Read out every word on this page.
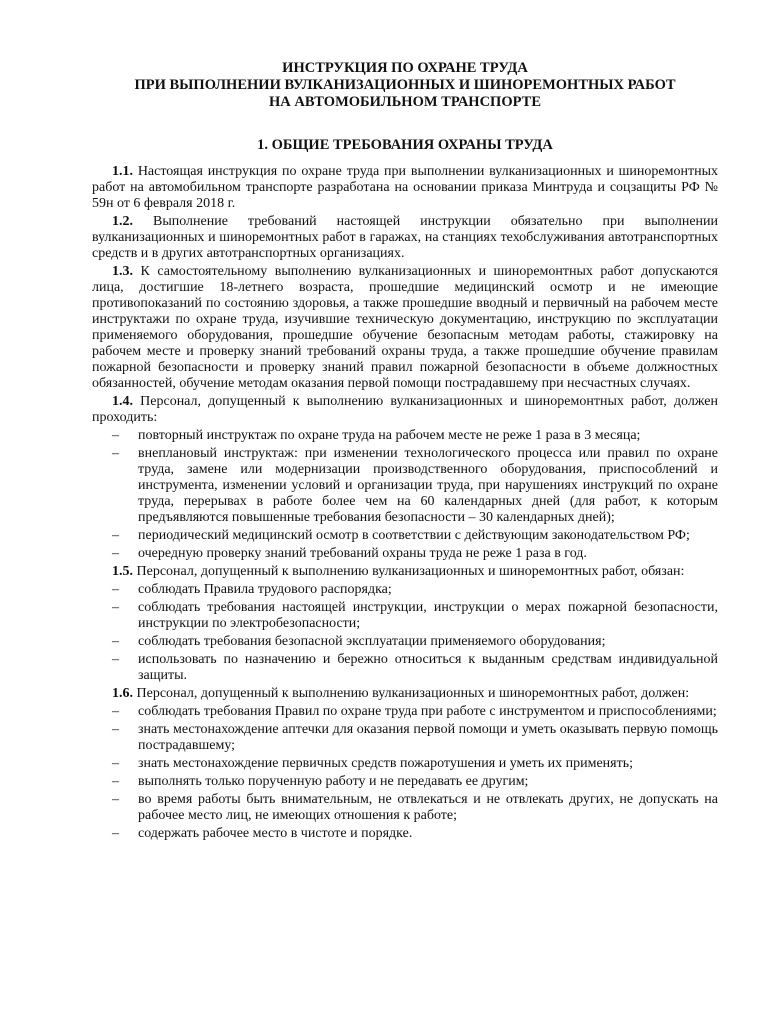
ИНСТРУКЦИЯ ПО ОХРАНЕ ТРУДА
ПРИ ВЫПОЛНЕНИИ ВУЛКАНИЗАЦИОННЫХ И ШИНОРЕМОНТНЫХ РАБОТ
НА АВТОМОБИЛЬНОМ ТРАНСПОРТЕ
1. ОБЩИЕ ТРЕБОВАНИЯ ОХРАНЫ ТРУДА

1.1. Настоящая инструкция по охране труда при выполнении вулканизационных и шиноремонтных работ на автомобильном транспорте разработана на основании приказа Минтруда и соцзащиты РФ № 59н от 6 февраля 2018 г.

1.2. Выполнение требований настоящей инструкции обязательно при выполнении вулканизационных и шиноремонтных работ в гаражах, на станциях техобслуживания автотранспортных средств и в других автотранспортных организациях.

1.3. К самостоятельному выполнению вулканизационных и шиноремонтных работ допускаются лица, достигшие 18-летнего возраста, прошедшие медицинский осмотр и не имеющие противопоказаний по состоянию здоровья, а также прошедшие вводный и первичный на рабочем месте инструктажи по охране труда, изучившие техническую документацию, инструкцию по эксплуатации применяемого оборудования, прошедшие обучение безопасным методам работы, стажировку на рабочем месте и проверку знаний требований охраны труда, а также прошедшие обучение правилам пожарной безопасности и проверку знаний правил пожарной безопасности в объеме должностных обязанностей, обучение методам оказания первой помощи пострадавшему при несчастных случаях.

1.4. Персонал, допущенный к выполнению вулканизационных и шиноремонтных работ, должен проходить:

– повторный инструктаж по охране труда на рабочем месте не реже 1 раза в 3 месяца;
– внеплановый инструктаж: при изменении технологического процесса или правил по охране труда, замене или модернизации производственного оборудования, приспособлений и инструмента, изменении условий и организации труда, при нарушениях инструкций по охране труда, перерывах в работе более чем на 60 календарных дней (для работ, к которым предъявляются повышенные требования безопасности – 30 календарных дней);
– периодический медицинский осмотр в соответствии с действующим законодательством РФ;
– очередную проверку знаний требований охраны труда не реже 1 раза в год.

1.5. Персонал, допущенный к выполнению вулканизационных и шиноремонтных работ, обязан:

– соблюдать Правила трудового распорядка;
– соблюдать требования настоящей инструкции, инструкции о мерах пожарной безопасности, инструкции по электробезопасности;
– соблюдать требования безопасной эксплуатации применяемого оборудования;
– использовать по назначению и бережно относиться к выданным средствам индивидуальной защиты.

1.6. Персонал, допущенный к выполнению вулканизационных и шиноремонтных работ, должен:

– соблюдать требования Правил по охране труда при работе с инструментом и приспособлениями;
– знать местонахождение аптечки для оказания первой помощи и уметь оказывать первую помощь пострадавшему;
– знать местонахождение первичных средств пожаротушения и уметь их применять;
– выполнять только порученную работу и не передавать ее другим;
– во время работы быть внимательным, не отвлекаться и не отвлекать других, не допускать на рабочее место лиц, не имеющих отношения к работе;
– содержать рабочее место в чистоте и порядке.
